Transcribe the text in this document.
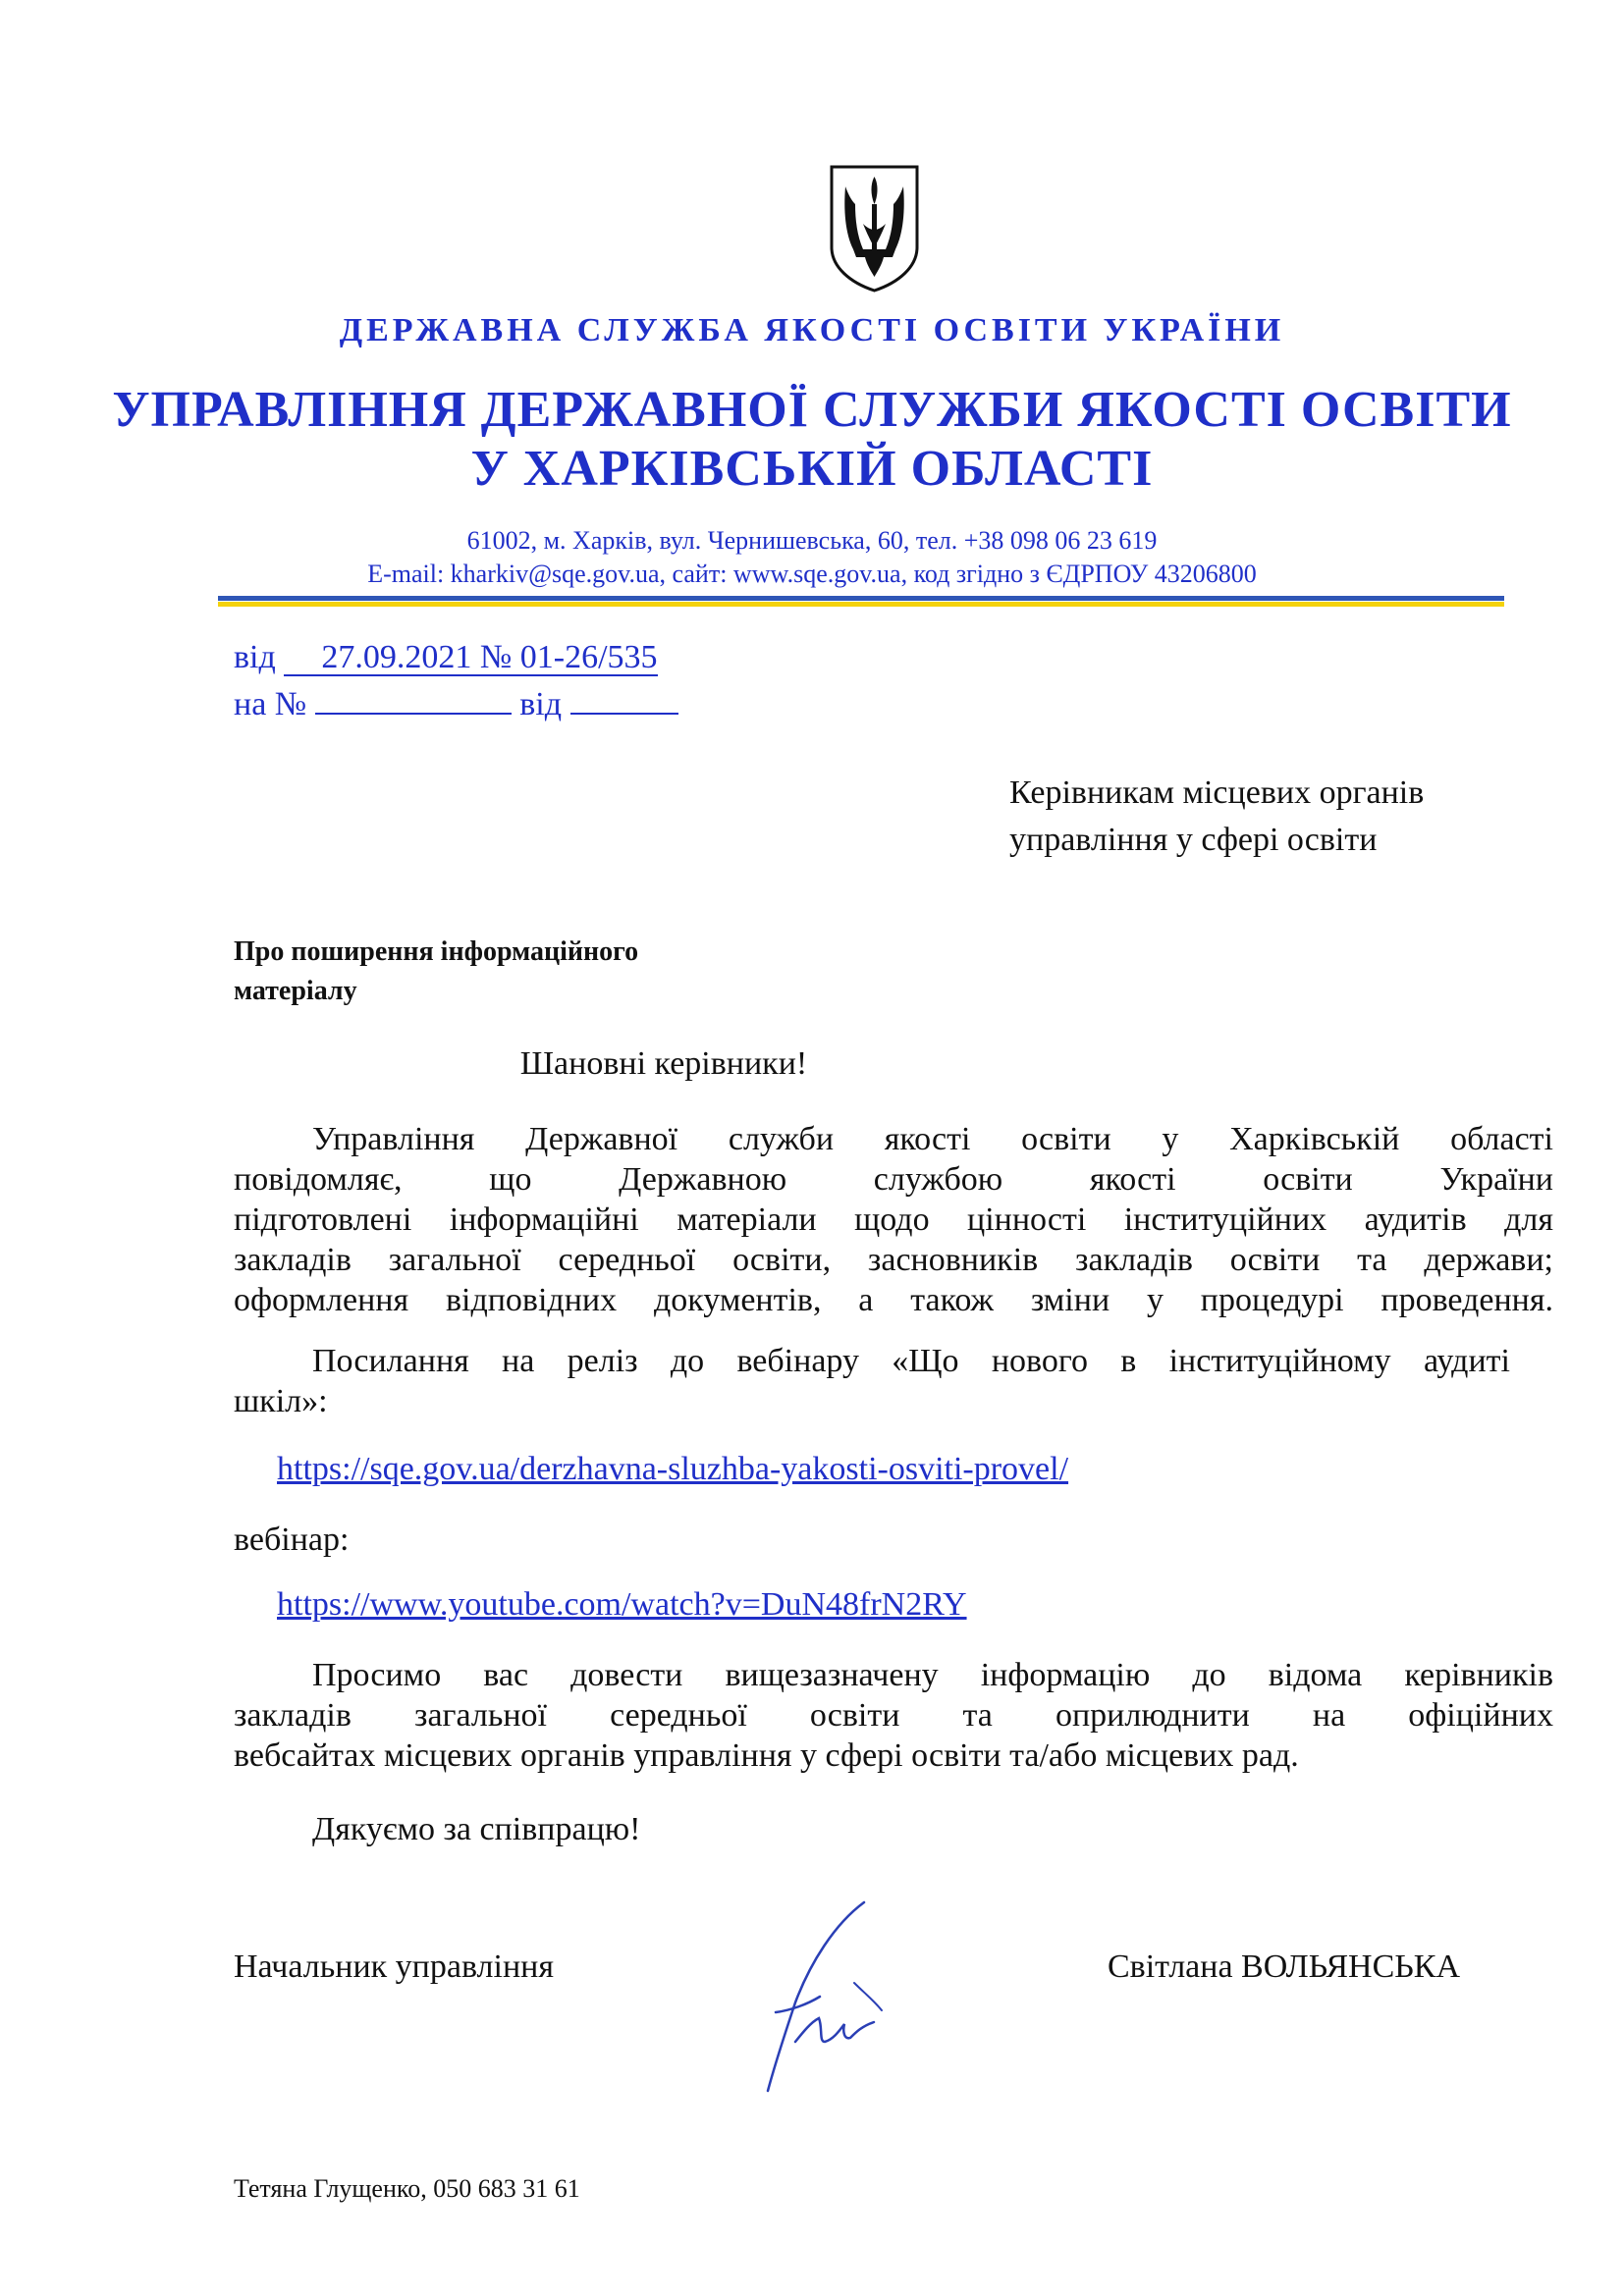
ДЕРЖАВНА СЛУЖБА ЯКОСТІ ОСВІТИ УКРАЇНИ
УПРАВЛІННЯ ДЕРЖАВНОЇ СЛУЖБИ ЯКОСТІ ОСВІТИ
У ХАРКІВСЬКІЙ ОБЛАСТІ
61002, м. Харків, вул. Чернишевська, 60, тел. +38 098 06 23 619
E-mail: kharkiv@sqe.gov.ua, сайт: www.sqe.gov.ua, код згідно з ЄДРПОУ 43206800
від 27.09.2021 № 01-26/535
на №	від
Керівникам місцевих органів
управління у сфері освіти
Про поширення інформаційного
матеріалу
Шановні керівники!
Управління Державної служби якості освіти у Харківській області
повідомляє, що Державною службою якості освіти України
підготовлені інформаційні матеріали щодо цінності інституційних аудитів для
закладів загальної середньої освіти, засновників закладів освіти та держави;
оформлення відповідних документів, а також зміни у процедурі проведення.
Посилання на реліз до вебінару «Що нового в інституційному аудиті
шкіл»:
https://sqe.gov.ua/derzhavna-sluzhba-yakosti-osviti-provel/
вебінар:
https://www.youtube.com/watch?v=DuN48frN2RY
Просимо вас довести вищезазначену інформацію до відома керівників
закладів загальної середньої освіти та оприлюднити на офіційних
вебсайтах місцевих органів управління у сфері освіти та/або місцевих рад.
Дякуємо за співпрацю!
Начальник управління	Світлана ВОЛЬЯНСЬКА
Тетяна Глущенко, 050 683 31 61
